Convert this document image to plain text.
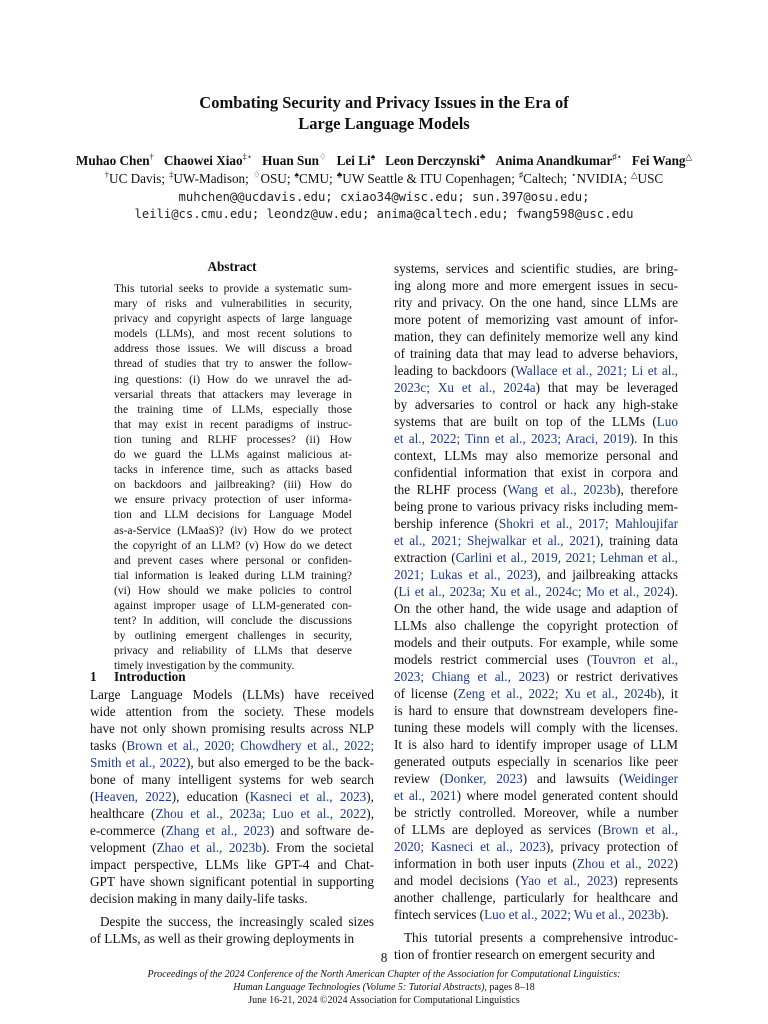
Combating Security and Privacy Issues in the Era of
Large Language Models
Muhao Chen† Chaowei Xiao‡⋆ Huan Sun♢ Lei Li♠ Leon Derczynski♣ Anima Anandkumar♯⋆ Fei Wang△
†UC Davis; ‡UW-Madison; ♢OSU; ♠CMU; ♣UW Seattle & ITU Copenhagen; ♯Caltech; ⋆NVIDIA; △USC
muhchen@@ucdavis.edu; cxiao34@wisc.edu; sun.397@osu.edu;
leili@cs.cmu.edu; leondz@uw.edu; anima@caltech.edu; fwang598@usc.edu
Abstract
This tutorial seeks to provide a systematic sum-
mary of risks and vulnerabilities in security,
privacy and copyright aspects of large language
models (LLMs), and most recent solutions to
address those issues. We will discuss a broad
thread of studies that try to answer the follow-
ing questions: (i) How do we unravel the ad-
versarial threats that attackers may leverage in
the training time of LLMs, especially those
that may exist in recent paradigms of instruc-
tion tuning and RLHF processes? (ii) How
do we guard the LLMs against malicious at-
tacks in inference time, such as attacks based
on backdoors and jailbreaking? (iii) How do
we ensure privacy protection of user informa-
tion and LLM decisions for Language Model
as-a-Service (LMaaS)? (iv) How do we protect
the copyright of an LLM? (v) How do we detect
and prevent cases where personal or confiden-
tial information is leaked during LLM training?
(vi) How should we make policies to control
against improper usage of LLM-generated con-
tent? In addition, will conclude the discussions
by outlining emergent challenges in security,
privacy and reliability of LLMs that deserve
timely investigation by the community.
1 Introduction
Large Language Models (LLMs) have received
wide attention from the society. These models
have not only shown promising results across NLP
tasks (Brown et al., 2020; Chowdhery et al., 2022;
Smith et al., 2022), but also emerged to be the back-
bone of many intelligent systems for web search
(Heaven, 2022), education (Kasneci et al., 2023),
healthcare (Zhou et al., 2023a; Luo et al., 2022),
e-commerce (Zhang et al., 2023) and software de-
velopment (Zhao et al., 2023b). From the societal
impact perspective, LLMs like GPT-4 and Chat-
GPT have shown significant potential in supporting
decision making in many daily-life tasks.
Despite the success, the increasingly scaled sizes
of LLMs, as well as their growing deployments in
systems, services and scientific studies, are bring-
ing along more and more emergent issues in secu-
rity and privacy. On the one hand, since LLMs are
more potent of memorizing vast amount of infor-
mation, they can definitely memorize well any kind
of training data that may lead to adverse behaviors,
leading to backdoors (Wallace et al., 2021; Li et al.,
2023c; Xu et al., 2024a) that may be leveraged
by adversaries to control or hack any high-stake
systems that are built on top of the LLMs (Luo
et al., 2022; Tinn et al., 2023; Araci, 2019). In this
context, LLMs may also memorize personal and
confidential information that exist in corpora and
the RLHF process (Wang et al., 2023b), therefore
being prone to various privacy risks including mem-
bership inference (Shokri et al., 2017; Mahloujifar
et al., 2021; Shejwalkar et al., 2021), training data
extraction (Carlini et al., 2019, 2021; Lehman et al.,
2021; Lukas et al., 2023), and jailbreaking attacks
(Li et al., 2023a; Xu et al., 2024c; Mo et al., 2024).
On the other hand, the wide usage and adaption of
LLMs also challenge the copyright protection of
models and their outputs. For example, while some
models restrict commercial uses (Touvron et al.,
2023; Chiang et al., 2023) or restrict derivatives
of license (Zeng et al., 2022; Xu et al., 2024b), it
is hard to ensure that downstream developers fine-
tuning these models will comply with the licenses.
It is also hard to identify improper usage of LLM
generated outputs especially in scenarios like peer
review (Donker, 2023) and lawsuits (Weidinger
et al., 2021) where model generated content should
be strictly controlled. Moreover, while a number
of LLMs are deployed as services (Brown et al.,
2020; Kasneci et al., 2023), privacy protection of
information in both user inputs (Zhou et al., 2022)
and model decisions (Yao et al., 2023) represents
another challenge, particularly for healthcare and
fintech services (Luo et al., 2022; Wu et al., 2023b).
This tutorial presents a comprehensive introduc-
tion of frontier research on emergent security and
8
Proceedings of the 2024 Conference of the North American Chapter of the Association for Computational Linguistics:
Human Language Technologies (Volume 5: Tutorial Abstracts), pages 8–18
June 16-21, 2024 ©2024 Association for Computational Linguistics
